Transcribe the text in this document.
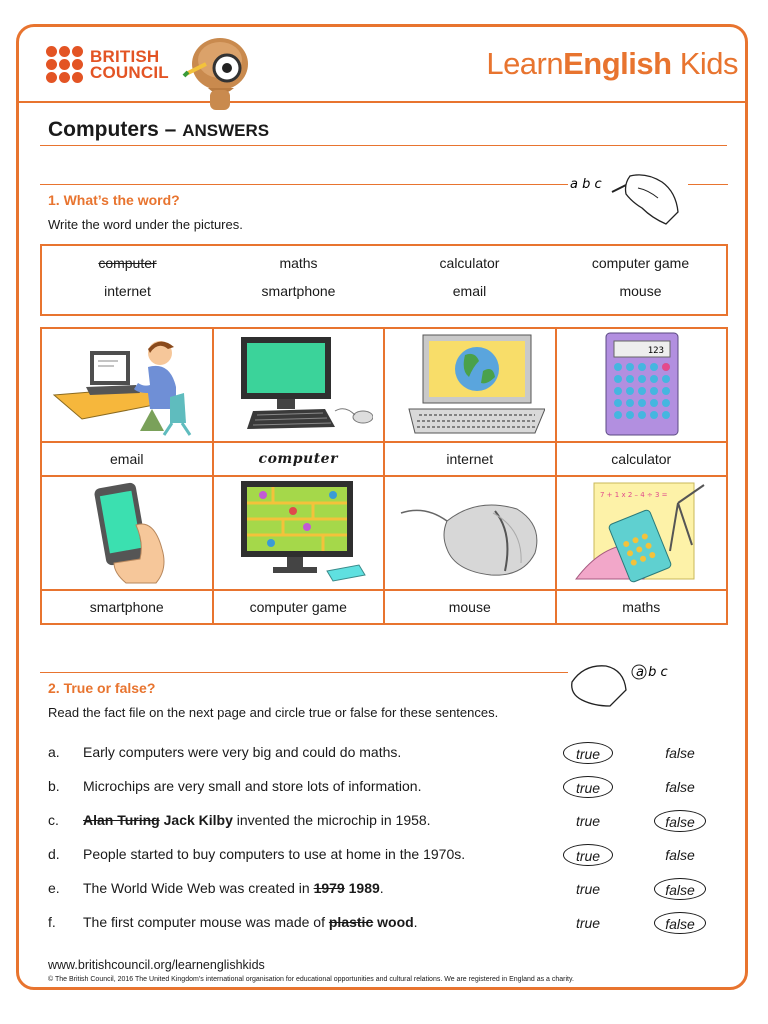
BRITISH
COUNCIL	LearnEnglish Kids
Computers – ANSWERS
a b c
1. What’s the word?
Write the word under the pictures.
computer	maths	calculator	computer game
internet	smartphone	email	mouse

123

email	computer	internet	calculator

7 + 1 x 2 – 4 ÷ 3 =

smartphone	computer game	mouse	maths
a b c
2. True or false?
Read the fact file on the next page and circle true or false for these sentences.
a. Early computers were very big and could do maths.	true	false
b. Microchips are very small and store lots of information.	true	false
c. Alan Turing Jack Kilby invented the microchip in 1958.	true	false
d. People started to buy computers to use at home in the 1970s.	true	false
e. The World Wide Web was created in 1979 1989.	true	false
f. The first computer mouse was made of plastic wood.	true	false
www.britishcouncil.org/learnenglishkids
© The British Council, 2016 The United Kingdom’s international organisation for educational opportunities and cultural relations. We are registered in England as a charity.
